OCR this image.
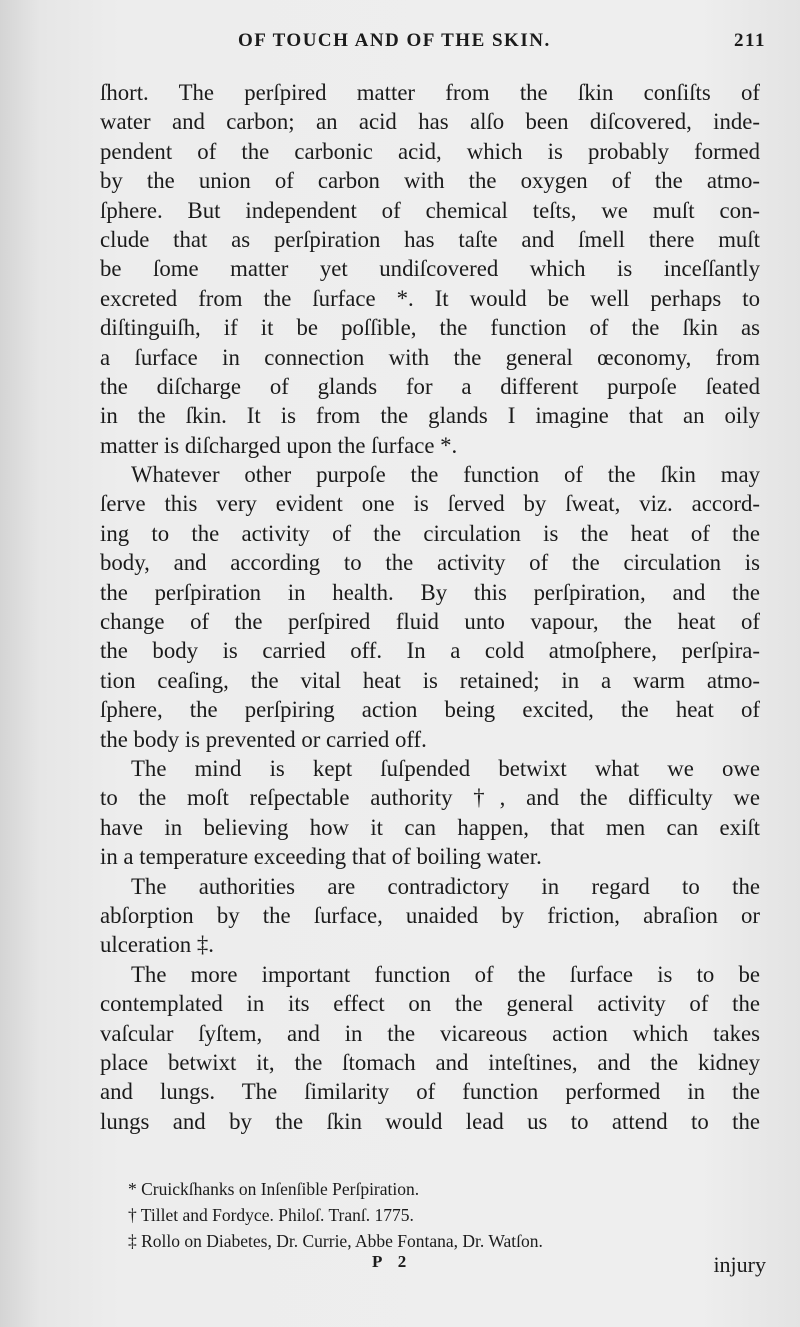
OF TOUCH AND OF THE SKIN.	211
ſhort. The perſpired matter from the ſkin conſiſts of
water and carbon; an acid has alſo been diſcovered, inde-
pendent of the carbonic acid, which is probably formed
by the union of carbon with the oxygen of the atmo-
ſphere. But independent of chemical teſts, we muſt con-
clude that as perſpiration has taſte and ſmell there muſt
be ſome matter yet undiſcovered which is inceſſantly
excreted from the ſurface *. It would be well perhaps to
diſtinguiſh, if it be poſſible, the function of the ſkin as
a ſurface in connection with the general œconomy, from
the diſcharge of glands for a different purpoſe ſeated
in the ſkin. It is from the glands I imagine that an oily
matter is diſcharged upon the ſurface *.
Whatever other purpoſe the function of the ſkin may
ſerve this very evident one is ſerved by ſweat, viz. accord-
ing to the activity of the circulation is the heat of the
body, and according to the activity of the circulation is
the perſpiration in health. By this perſpiration, and the
change of the perſpired fluid unto vapour, the heat of
the body is carried off. In a cold atmoſphere, perſpira-
tion ceaſing, the vital heat is retained; in a warm atmo-
ſphere, the perſpiring action being excited, the heat of
the body is prevented or carried off.
The mind is kept ſuſpended betwixt what we owe
to the moſt reſpectable authority †, and the difficulty we
have in believing how it can happen, that men can exiſt
in a temperature exceeding that of boiling water.
The authorities are contradictory in regard to the
abſorption by the ſurface, unaided by friction, abraſion or
ulceration ‡.
The more important function of the ſurface is to be
contemplated in its effect on the general activity of the
vaſcular ſyſtem, and in the vicareous action which takes
place betwixt it, the ſtomach and inteſtines, and the kidney
and lungs. The ſimilarity of function performed in the
lungs and by the ſkin would lead us to attend to the
* Cruickſhanks on Inſenſible Perſpiration.
† Tillet and Fordyce. Philoſ. Tranſ. 1775.
‡ Rollo on Diabetes, Dr. Currie, Abbe Fontana, Dr. Watſon.
P 2	injury
